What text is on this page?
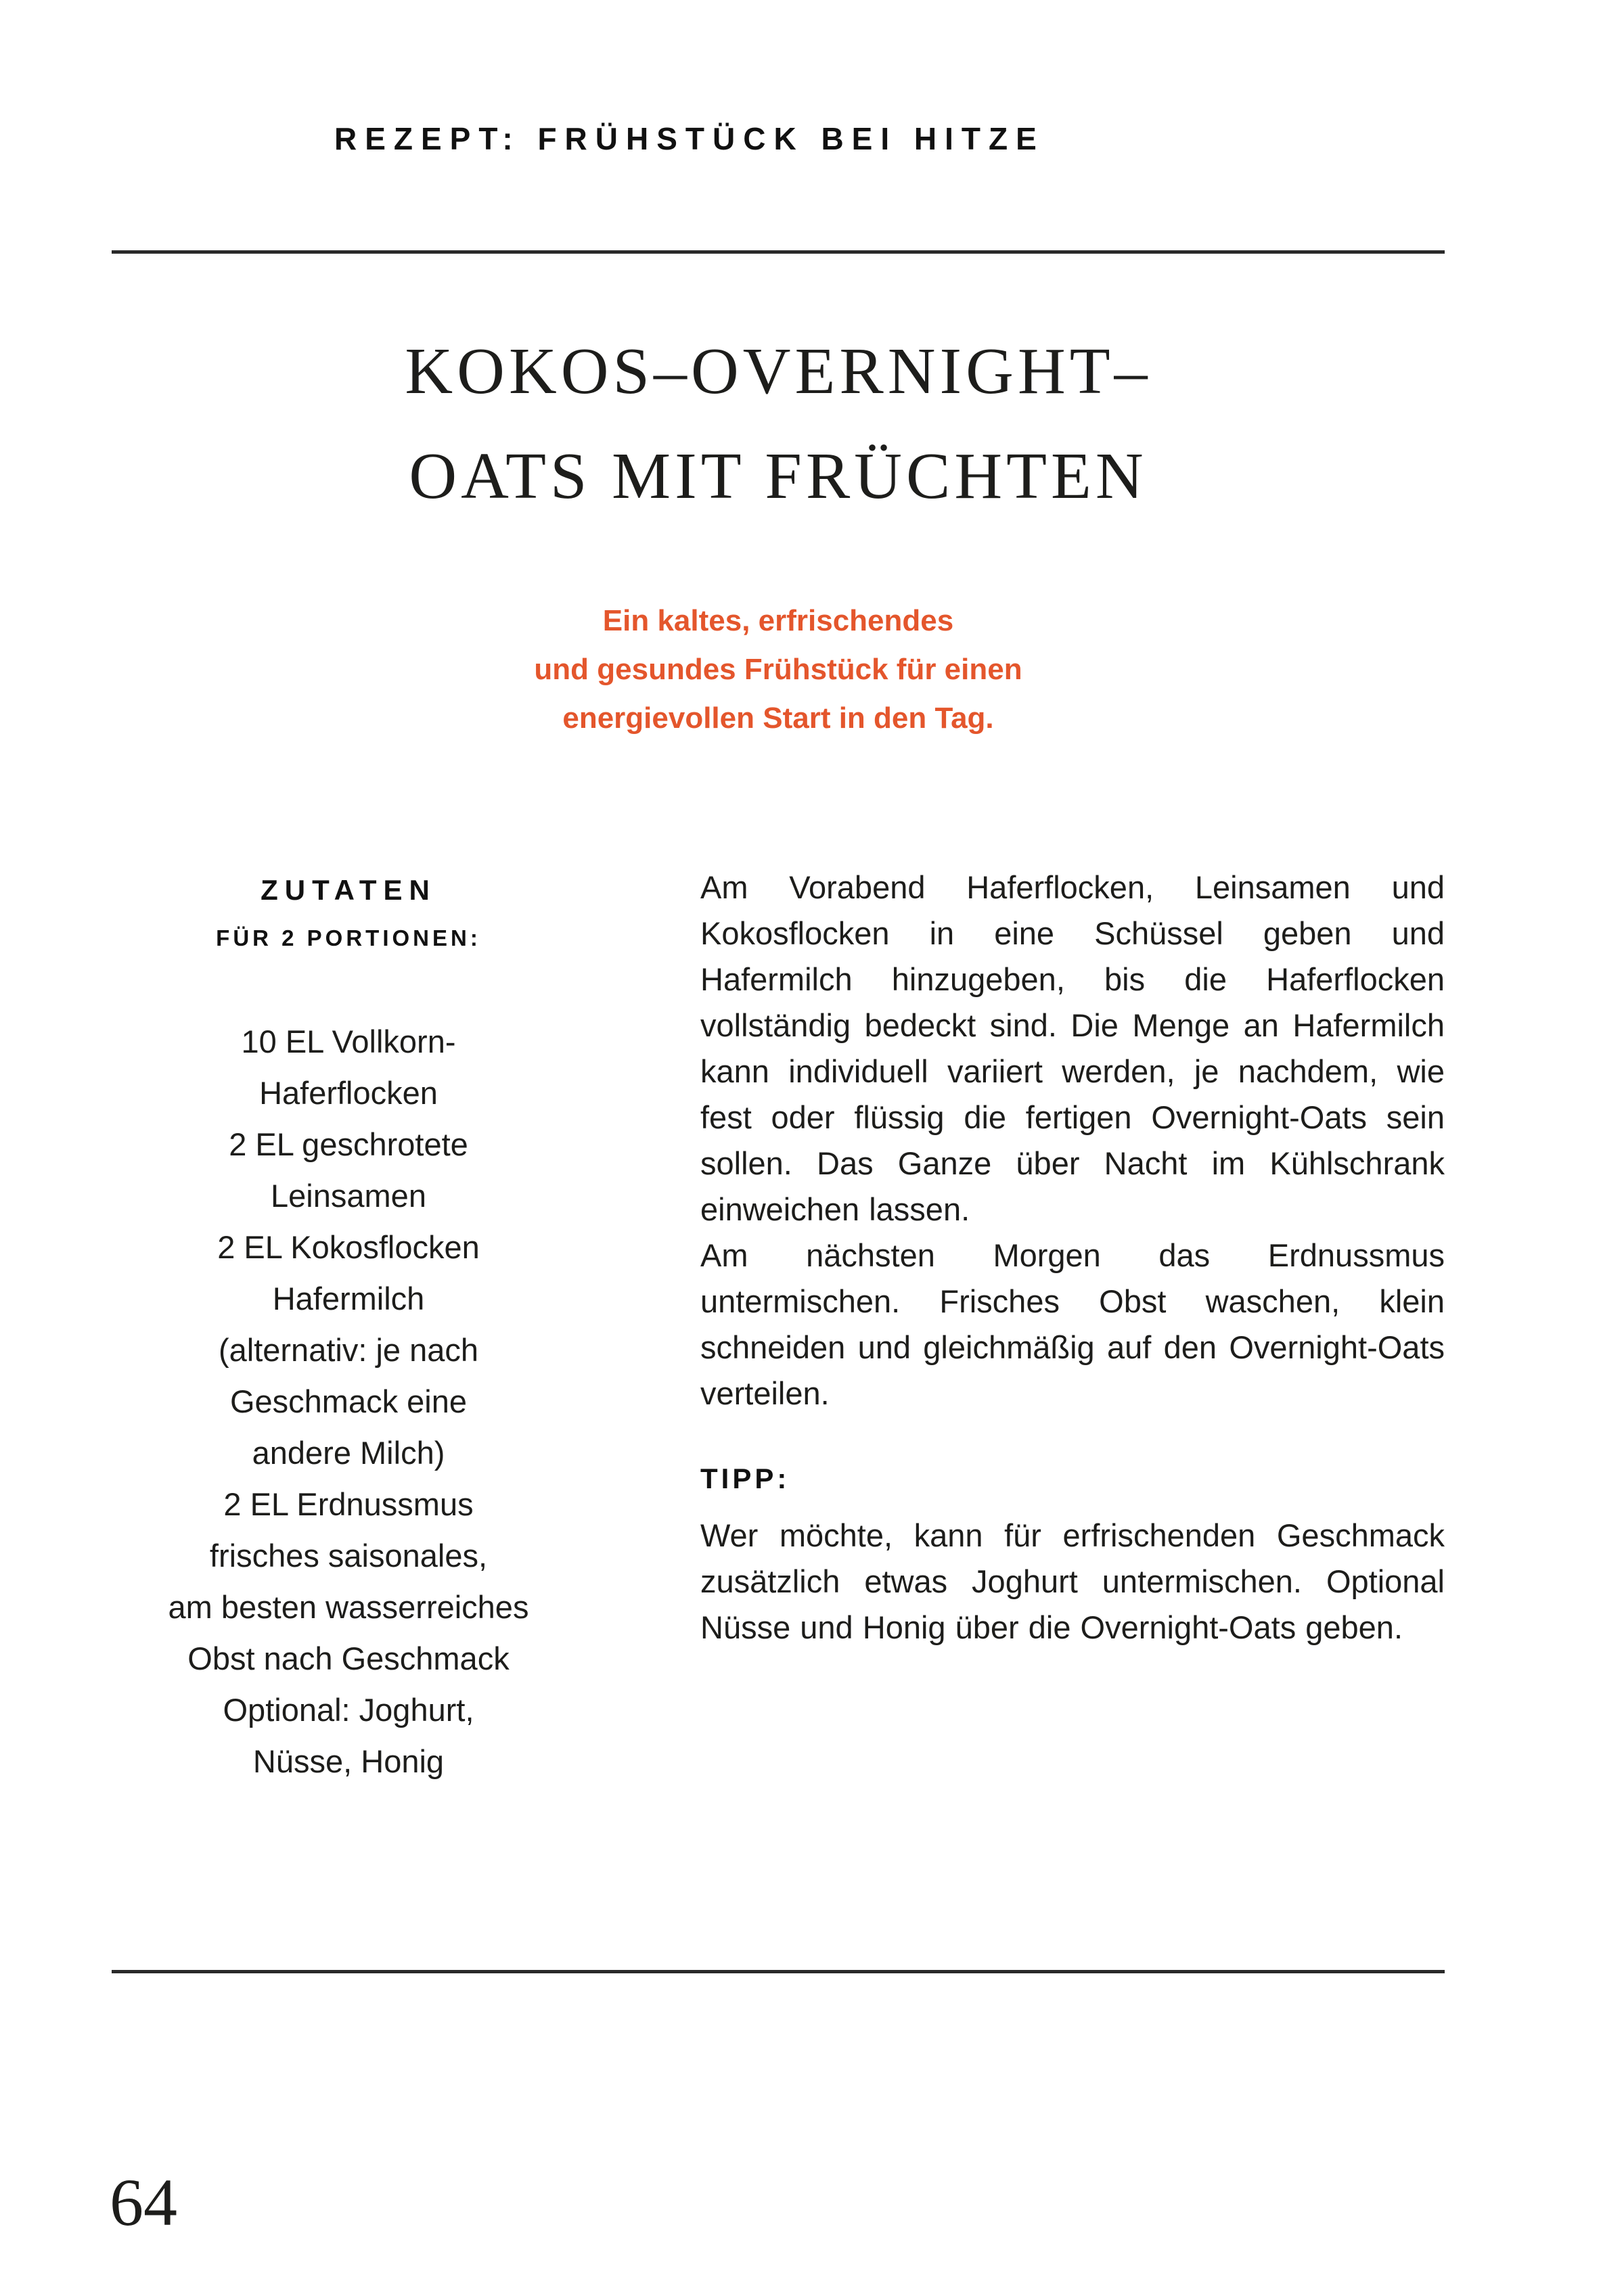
REZEPT: FRÜHSTÜCK BEI HITZE
KOKOS–OVERNIGHT–
OATS MIT FRÜCHTEN
Ein kaltes, erfrischendes
und gesundes Frühstück für einen
energievollen Start in den Tag.
ZUTATEN
FÜR 2 PORTIONEN:
10 EL Vollkorn-
Haferflocken
2 EL geschrotete
Leinsamen
2 EL Kokosflocken
Hafermilch
(alternativ: je nach
Geschmack eine
andere Milch)
2 EL Erdnussmus
frisches saisonales,
am besten wasserreiches
Obst nach Geschmack
Optional: Joghurt,
Nüsse, Honig

Am Vorabend Haferflocken, Leinsamen und Kokosflocken in eine Schüssel geben und Hafermilch hinzugeben, bis die Haferflocken vollständig bedeckt sind. Die Menge an Hafermilch kann individuell variiert werden, je nachdem, wie fest oder flüssig die fertigen Overnight-Oats sein sollen. Das Ganze über Nacht im Kühlschrank einweichen lassen.

Am nächsten Morgen das Erdnussmus untermischen. Frisches Obst waschen, klein schneiden und gleichmäßig auf den Overnight-Oats verteilen.

TIPP:

Wer möchte, kann für erfrischenden Geschmack zusätzlich etwas Joghurt untermischen. Optional Nüsse und Honig über die Overnight-Oats geben.

64
